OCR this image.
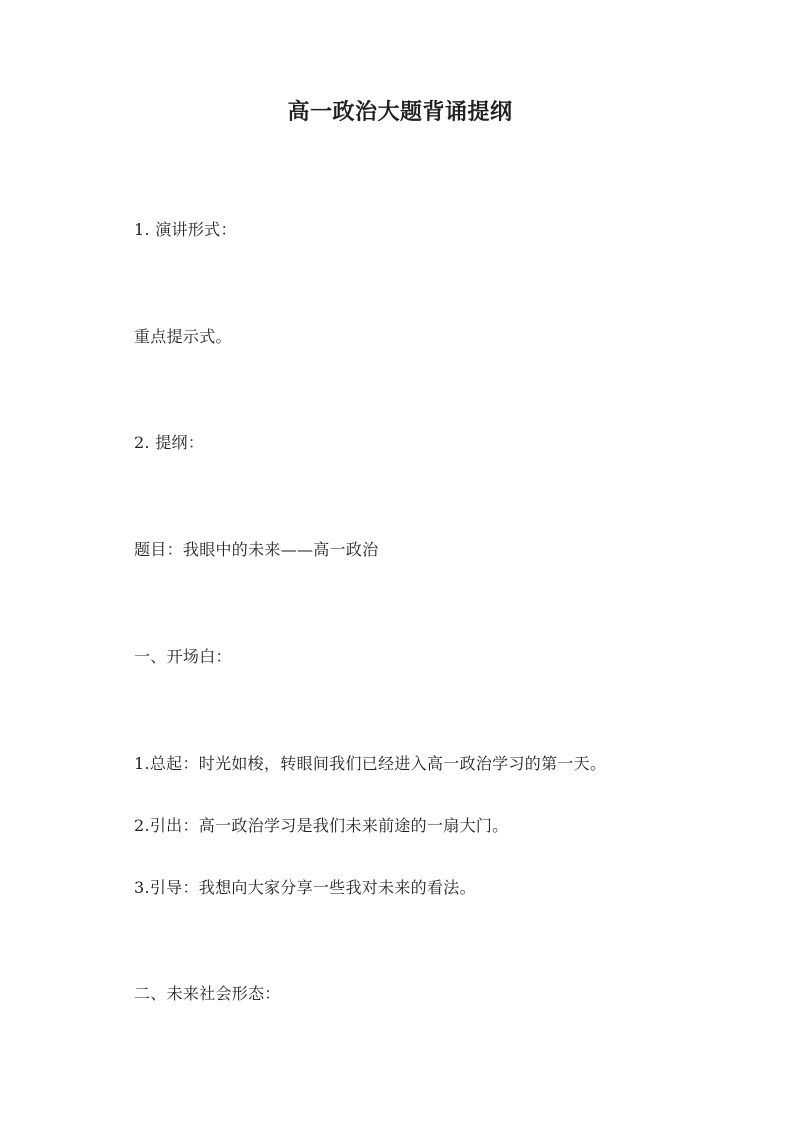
高一政治大题背诵提纲
1. 演讲形式：
重点提示式。
2. 提纲：
题目：我眼中的未来——高一政治
一、开场白：
1.总起：时光如梭，转眼间我们已经进入高一政治学习的第一天。
2.引出：高一政治学习是我们未来前途的一扇大门。
3.引导：我想向大家分享一些我对未来的看法。
二、未来社会形态：
